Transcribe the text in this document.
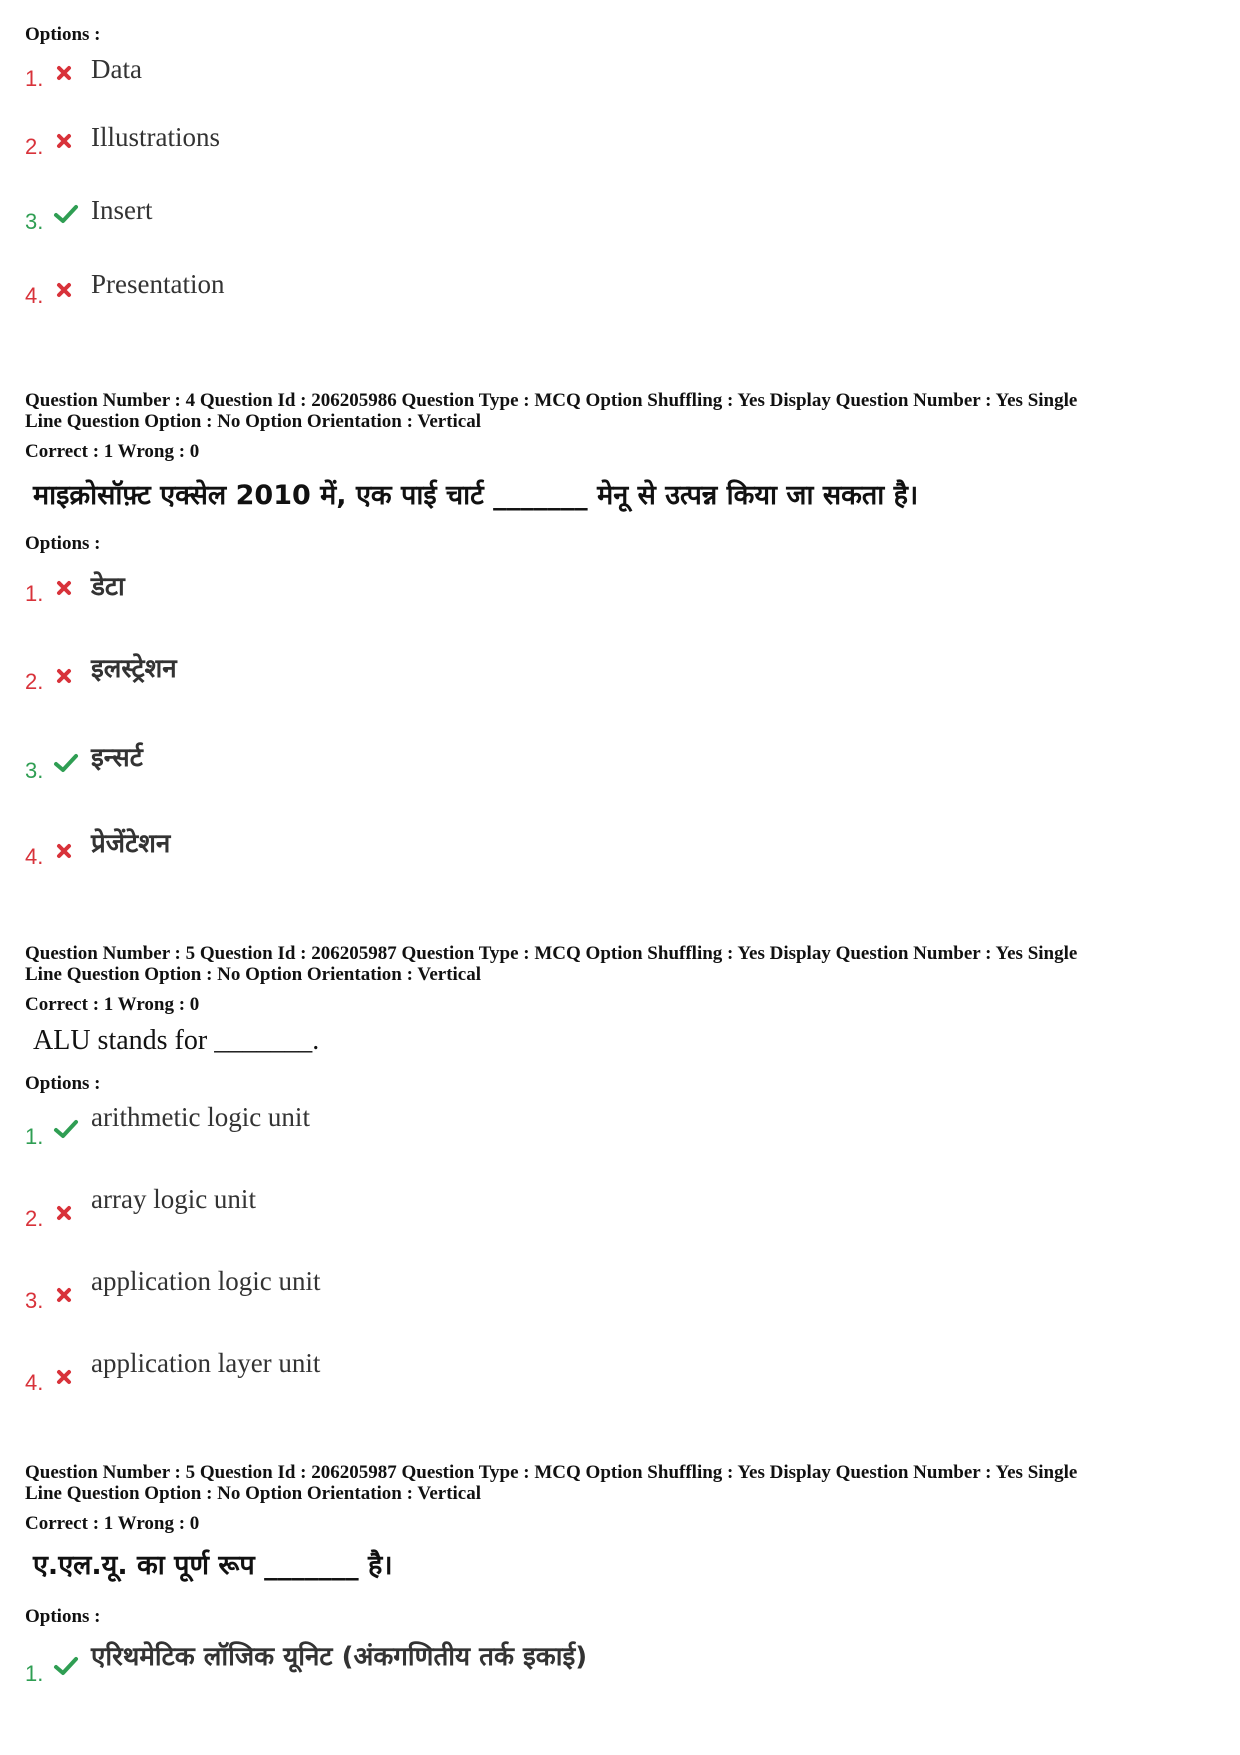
Options :
1. Data
2. Illustrations
3. Insert
4. Presentation
Question Number : 4 Question Id : 206205986 Question Type : MCQ Option Shuffling : Yes Display Question Number : Yes Single
Line Question Option : No Option Orientation : Vertical
Correct : 1 Wrong : 0
माइक्रोसॉफ़्ट एक्सेल 2010 में, एक पाई चार्ट _______ मेनू से उत्पन्न किया जा सकता है।
Options :
1. डेटा
2. इलस्ट्रेशन
3. इन्सर्ट
4. प्रेजेंटेशन
Question Number : 5 Question Id : 206205987 Question Type : MCQ Option Shuffling : Yes Display Question Number : Yes Single
Line Question Option : No Option Orientation : Vertical
Correct : 1 Wrong : 0
ALU stands for _______.
Options :
1.
arithmetic logic unit
2.
array logic unit
3.
application logic unit
4.
application layer unit
Question Number : 5 Question Id : 206205987 Question Type : MCQ Option Shuffling : Yes Display Question Number : Yes Single
Line Question Option : No Option Orientation : Vertical
Correct : 1 Wrong : 0
ए.एल.यू. का पूर्ण रूप _______ है।
Options :
1.
एरिथमेटिक लॉजिक यूनिट (अंकगणितीय तर्क इकाई)
